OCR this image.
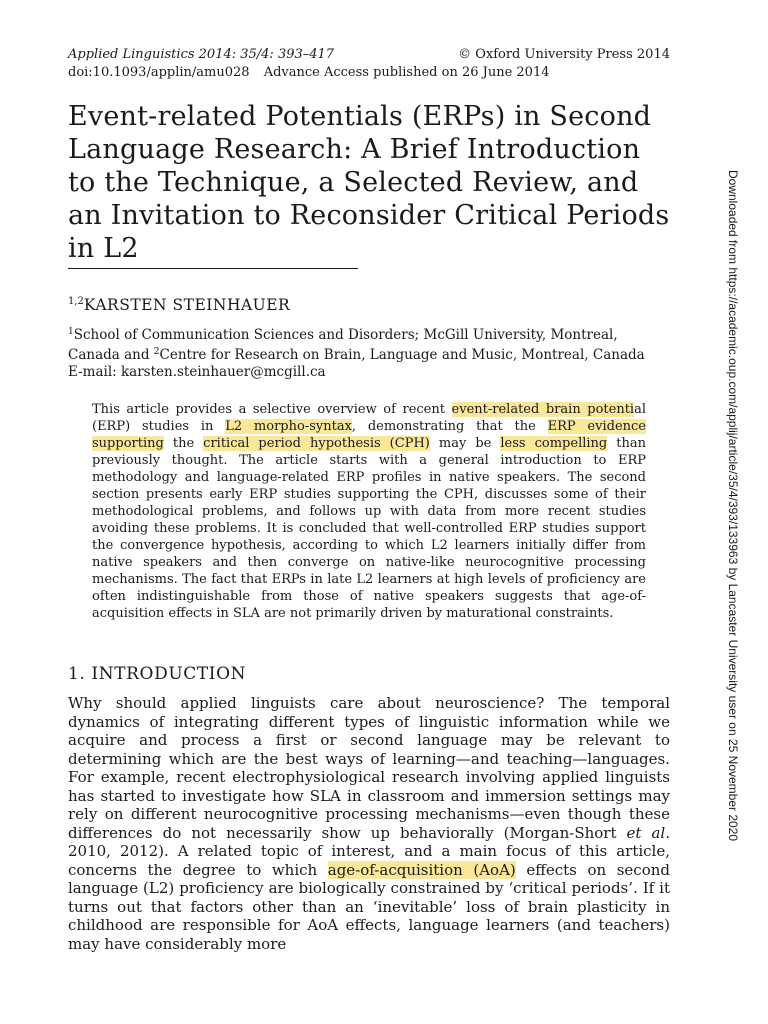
Applied Linguistics 2014: 35/4: 393–417	© Oxford University Press 2014
doi:10.1093/applin/amu028 Advance Access published on 26 June 2014
Event-related Potentials (ERPs) in Second Language Research: A Brief Introduction to the Technique, a Selected Review, and an Invitation to Reconsider Critical Periods in L2
$^{1,2}$KARSTEN STEINHAUER
$^1$School of Communication Sciences and Disorders; McGill University, Montreal, Canada and $^2$Centre for Research on Brain, Language and Music, Montreal, Canada
E-mail: karsten.steinhauer@mcgill.ca

This article provides a selective overview of recent event-related brain potential (ERP) studies in L2 morpho-syntax, demonstrating that the ERP evidence supporting the critical period hypothesis (CPH) may be less compelling than previously thought. The article starts with a general introduction to ERP methodology and language-related ERP profiles in native speakers. The second section presents early ERP studies supporting the CPH, discusses some of their methodological problems, and follows up with data from more recent studies avoiding these problems. It is concluded that well-controlled ERP studies support the convergence hypothesis, according to which L2 learners initially differ from native speakers and then converge on native-like neurocognitive processing mechanisms. The fact that ERPs in late L2 learners at high levels of proficiency are often indistinguishable from those of native speakers suggests that age-of-acquisition effects in SLA are not primarily driven by maturational constraints.

1. INTRODUCTION

Why should applied linguists care about neuroscience? The temporal dynamics of integrating different types of linguistic information while we acquire and process a first or second language may be relevant to determining which are the best ways of learning—and teaching—languages. For example, recent electrophysiological research involving applied linguists has started to investigate how SLA in classroom and immersion settings may rely on different neurocognitive processing mechanisms—even though these differences do not necessarily show up behaviorally (Morgan-Short et al. 2010, 2012). A related topic of interest, and a main focus of this article, concerns the degree to which age-of-acquisition (AoA) effects on second language (L2) proficiency are biologically constrained by ‘critical periods’. If it turns out that factors other than an ‘inevitable’ loss of brain plasticity in childhood are responsible for AoA effects, language learners (and teachers) may have considerably more

Downloaded from https://academic.oup.com/applij/article/35/4/393/133963 by Lancaster University user on 25 November 2020
